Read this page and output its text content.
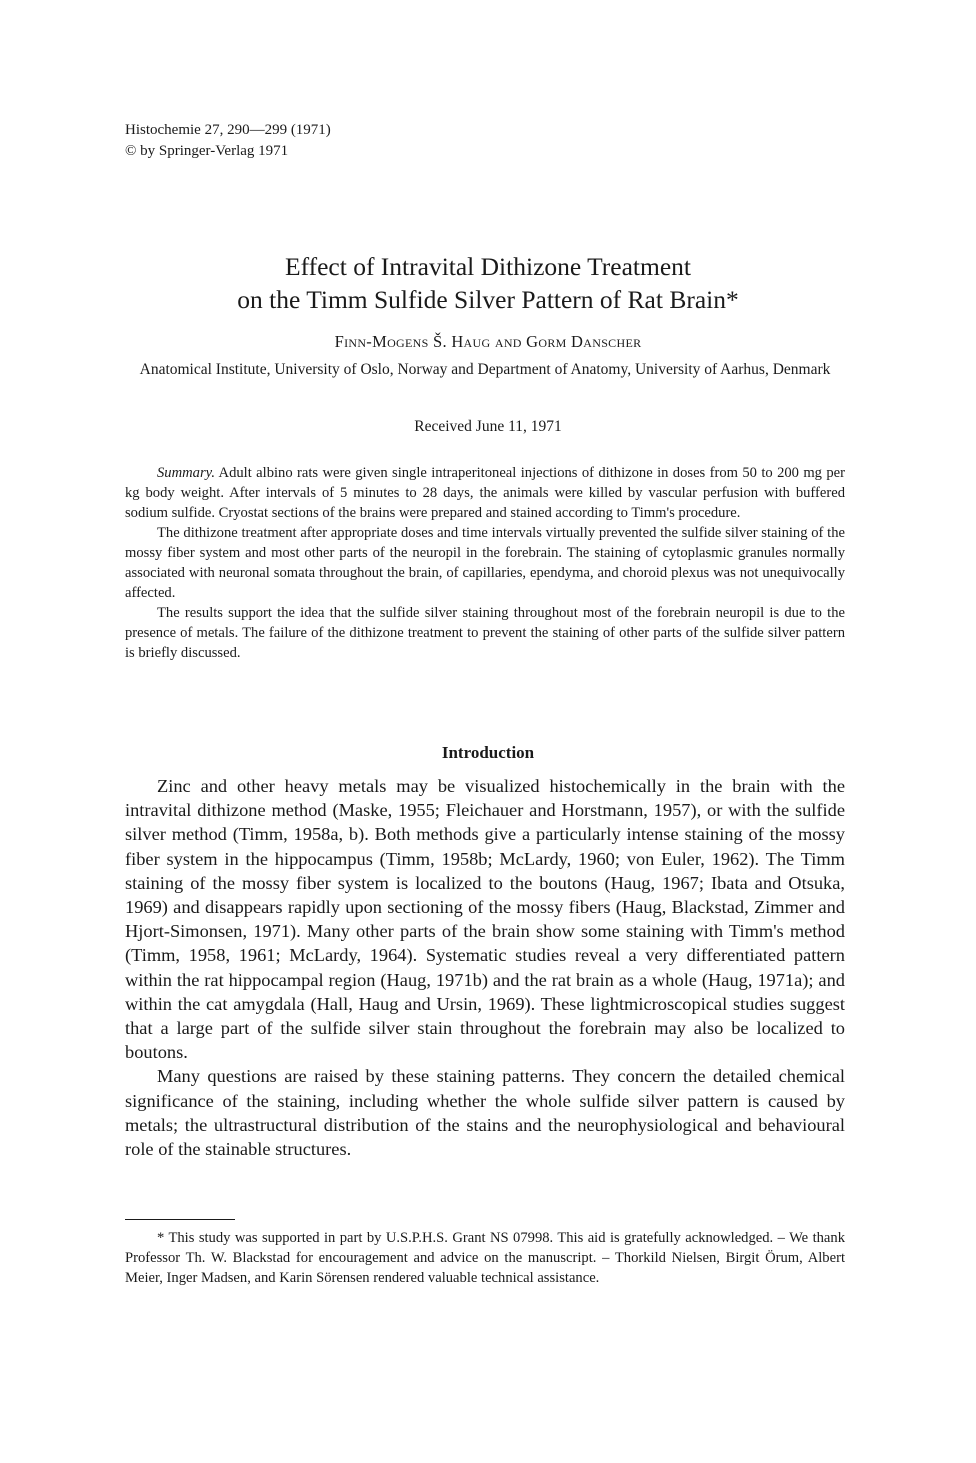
Histochemie 27, 290—299 (1971)
© by Springer-Verlag 1971
Effect of Intravital Dithizone Treatment
on the Timm Sulfide Silver Pattern of Rat Brain*
Finn-Mogens Š. Haug and Gorm Danscher
Anatomical Institute, University of Oslo, Norway and Department of Anatomy, University of Aarhus, Denmark
Received June 11, 1971

Summary. Adult albino rats were given single intraperitoneal injections of dithizone in doses from 50 to 200 mg per kg body weight. After intervals of 5 minutes to 28 days, the animals were killed by vascular perfusion with buffered sodium sulfide. Cryostat sections of the brains were prepared and stained according to Timm's procedure.

The dithizone treatment after appropriate doses and time intervals virtually prevented the sulfide silver staining of the mossy fiber system and most other parts of the neuropil in the forebrain. The staining of cytoplasmic granules normally associated with neuronal somata throughout the brain, of capillaries, ependyma, and choroid plexus was not unequivocally affected.

The results support the idea that the sulfide silver staining throughout most of the forebrain neuropil is due to the presence of metals. The failure of the dithizone treatment to prevent the staining of other parts of the sulfide silver pattern is briefly discussed.

Introduction

Zinc and other heavy metals may be visualized histochemically in the brain with the intravital dithizone method (Maske, 1955; Fleichauer and Horstmann, 1957), or with the sulfide silver method (Timm, 1958a, b). Both methods give a particularly intense staining of the mossy fiber system in the hippocampus (Timm, 1958b; McLardy, 1960; von Euler, 1962). The Timm staining of the mossy fiber system is localized to the boutons (Haug, 1967; Ibata and Otsuka, 1969) and disappears rapidly upon sectioning of the mossy fibers (Haug, Blackstad, Zimmer and Hjort-Simonsen, 1971). Many other parts of the brain show some staining with Timm's method (Timm, 1958, 1961; McLardy, 1964). Systematic studies reveal a very differentiated pattern within the rat hippocampal region (Haug, 1971b) and the rat brain as a whole (Haug, 1971a); and within the cat amygdala (Hall, Haug and Ursin, 1969). These lightmicroscopical studies suggest that a large part of the sulfide silver stain throughout the forebrain may also be localized to boutons.

Many questions are raised by these staining patterns. They concern the detailed chemical significance of the staining, including whether the whole sulfide silver pattern is caused by metals; the ultrastructural distribution of the stains and the neurophysiological and behavioural role of the stainable structures.

* This study was supported in part by U.S.P.H.S. Grant NS 07998. This aid is gratefully acknowledged. – We thank Professor Th. W. Blackstad for encouragement and advice on the manuscript. – Thorkild Nielsen, Birgit Örum, Albert Meier, Inger Madsen, and Karin Sörensen rendered valuable technical assistance.
